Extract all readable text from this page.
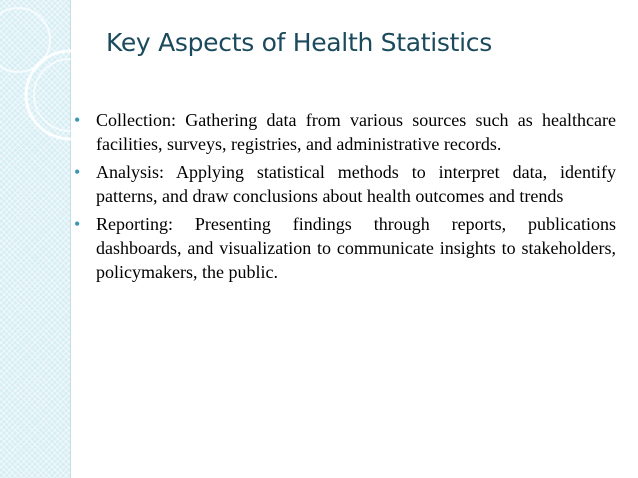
Key Aspects of Health Statistics
• Collection: Gathering data from various sources such as healthcare facilities, surveys, registries, and administrative records.
• Analysis: Applying statistical methods to interpret data, identify patterns, and draw conclusions about health outcomes and trends
• Reporting: Presenting findings through reports, publications dashboards, and visualization to communicate insights to stakeholders, policymakers, the public.
